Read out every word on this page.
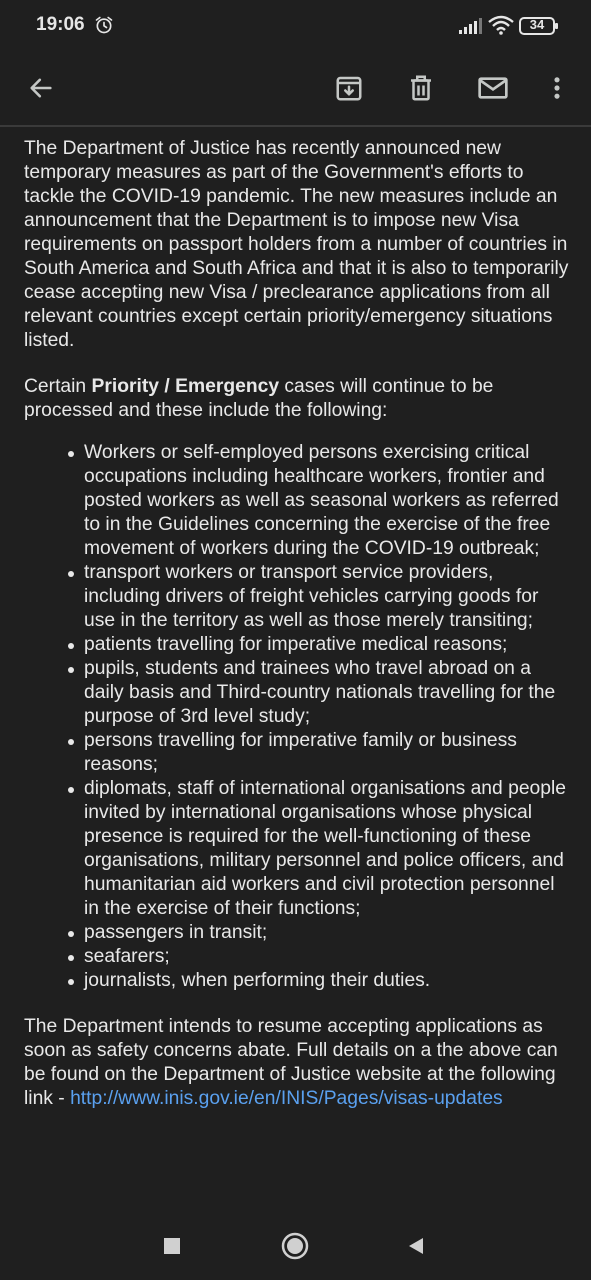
19:06	34

The Department of Justice has recently announced new temporary measures as part of the Government's efforts to tackle the COVID-19 pandemic. The new measures include an announcement that the Department is to impose new Visa requirements on passport holders from a number of countries in South America and South Africa and that it is also to temporarily cease accepting new Visa / preclearance applications from all relevant countries except certain priority/emergency situations listed.

Certain Priority / Emergency cases will continue to be processed and these include the following:

Workers or self-employed persons exercising critical occupations including healthcare workers, frontier and posted workers as well as seasonal workers as referred to in the Guidelines concerning the exercise of the free movement of workers during the COVID-19 outbreak;
transport workers or transport service providers, including drivers of freight vehicles carrying goods for use in the territory as well as those merely transiting;
patients travelling for imperative medical reasons;
pupils, students and trainees who travel abroad on a daily basis and Third-country nationals travelling for the purpose of 3rd level study;
persons travelling for imperative family or business reasons;
diplomats, staff of international organisations and people invited by international organisations whose physical presence is required for the well-functioning of these organisations, military personnel and police officers, and humanitarian aid workers and civil protection personnel in the exercise of their functions;
passengers in transit;
seafarers;
journalists, when performing their duties.

The Department intends to resume accepting applications as soon as safety concerns abate. Full details on a the above can be found on the Department of Justice website at the following link - http://www.inis.gov.ie/en/INIS/Pages/visas-updates
